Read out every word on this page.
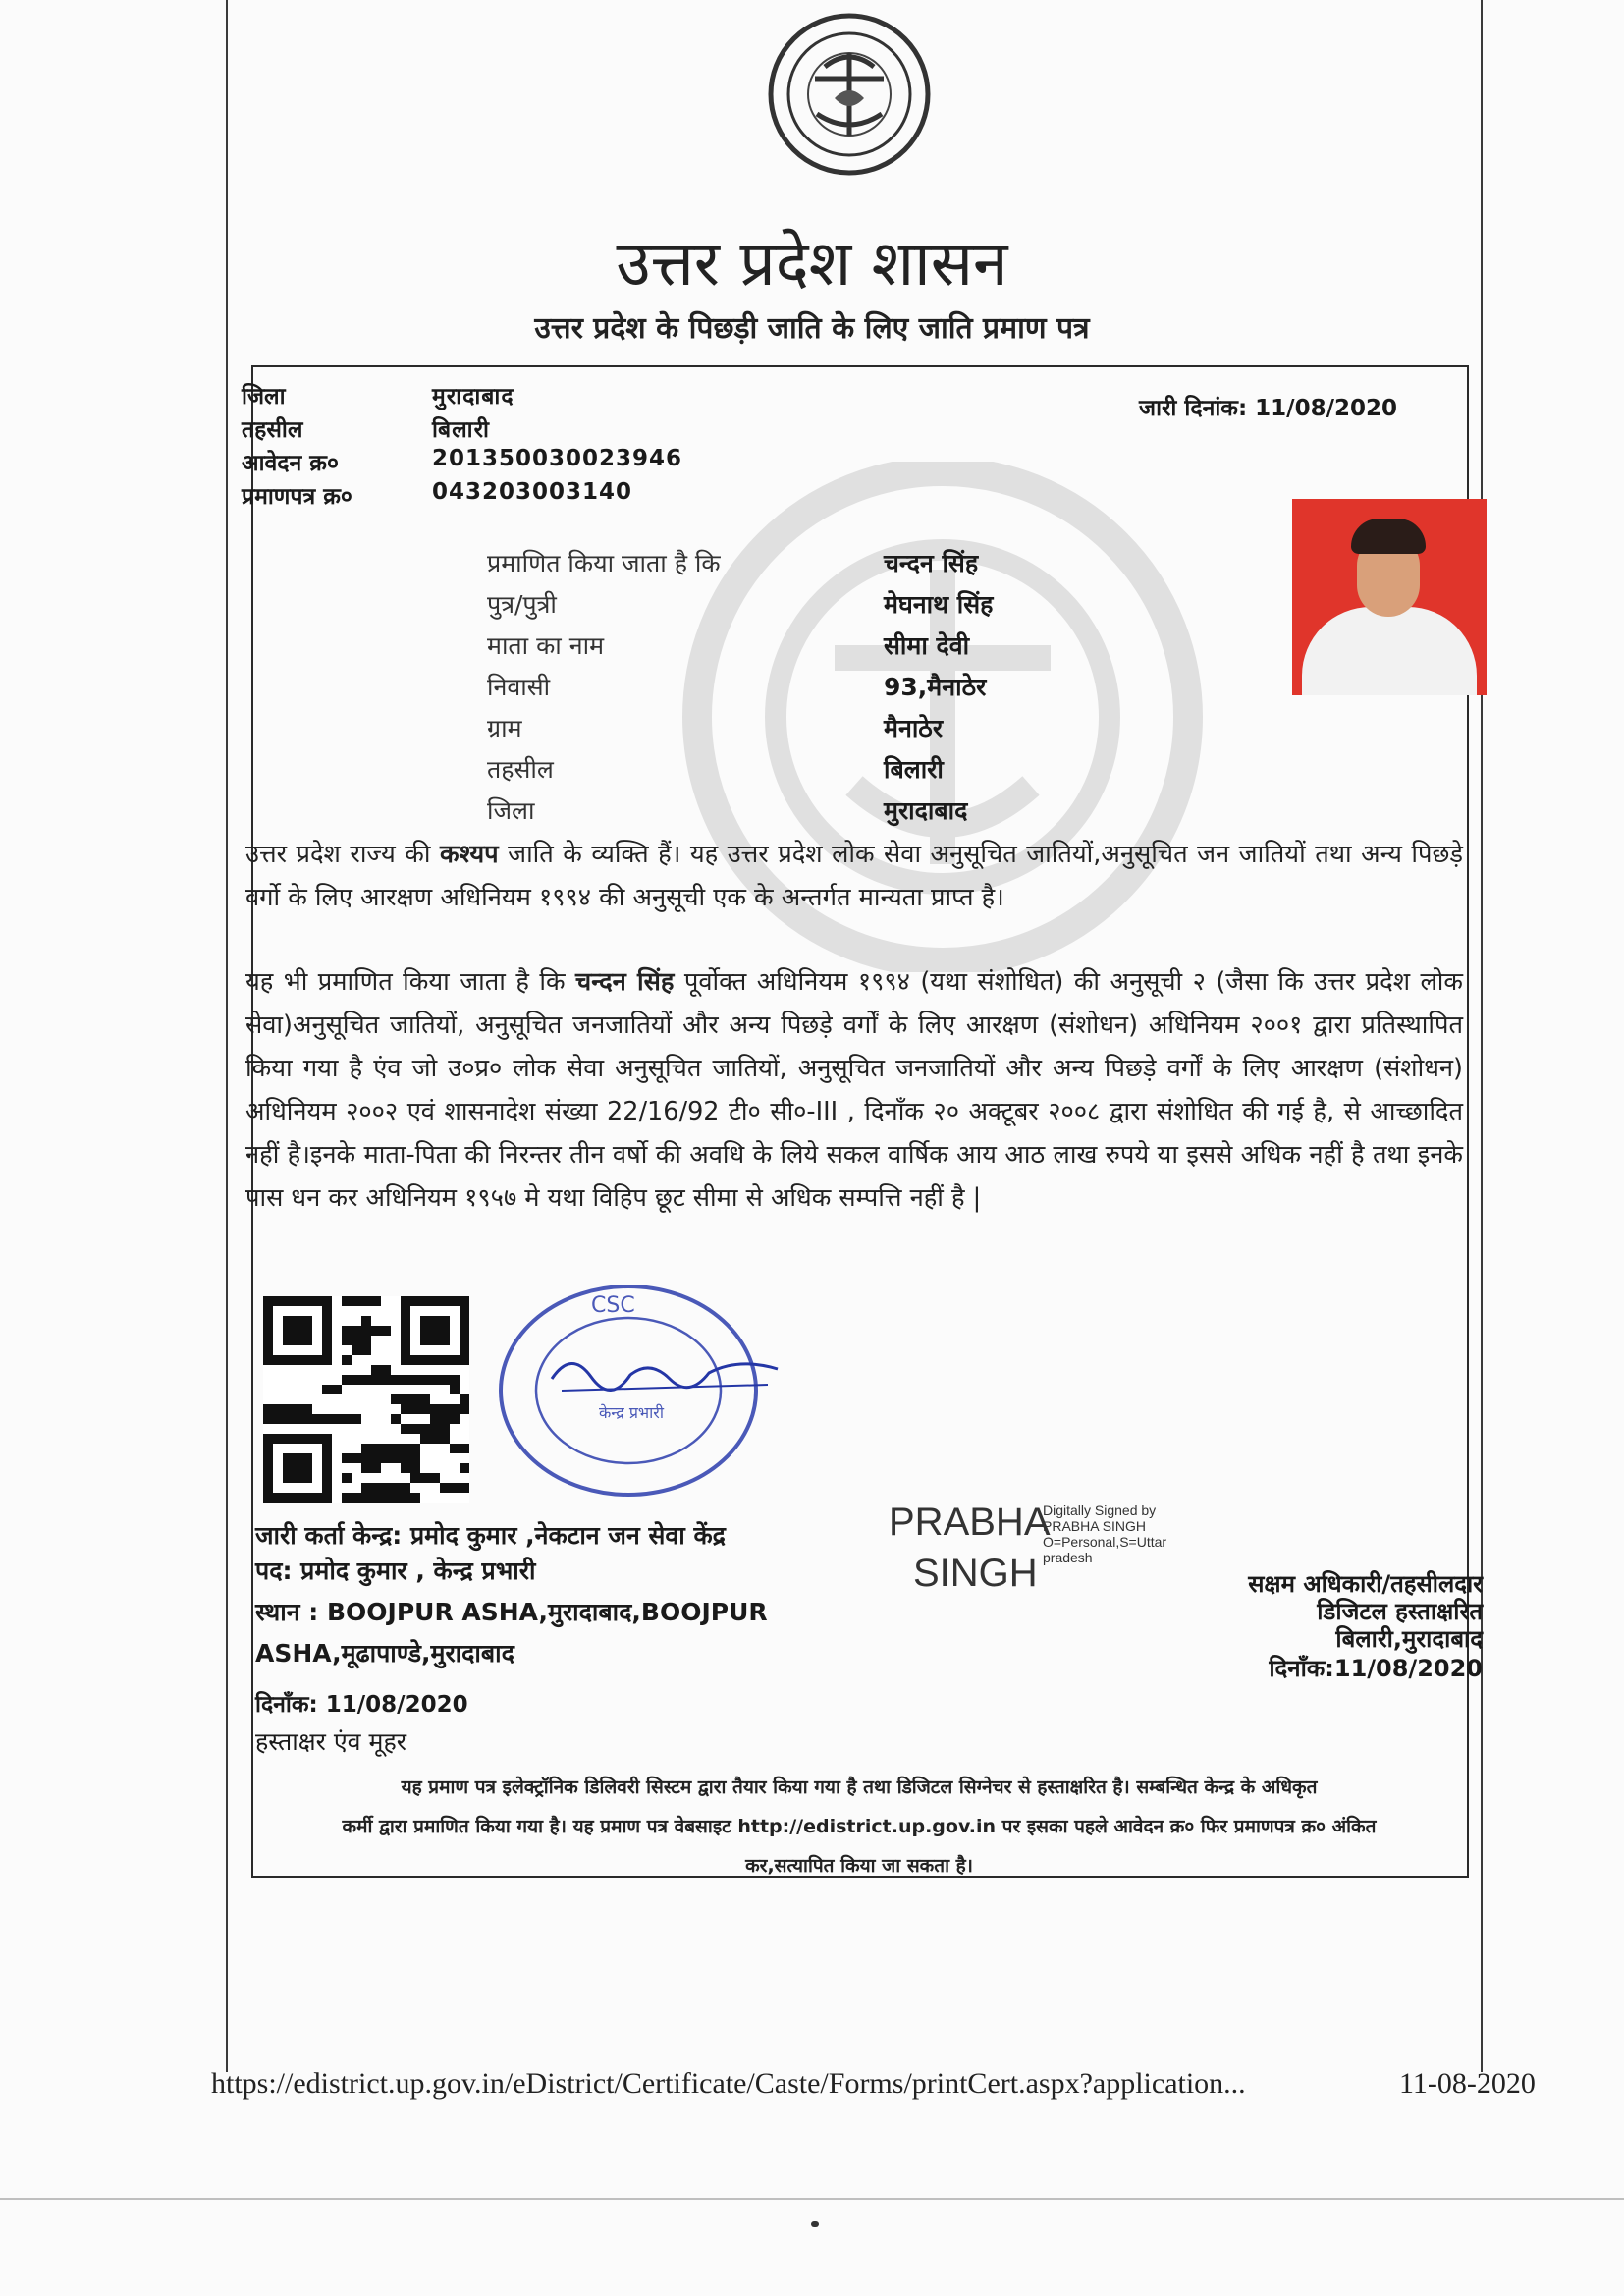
उत्तर प्रदेश शासन
उत्तर प्रदेश के पिछड़ी जाति के लिए जाति प्रमाण पत्र
जिला	मुरादाबाद
तहसील	बिलारी
आवेदन क्र०	201350030023946
प्रमाणपत्र क्र०	043203003140
जारी दिनांक: 11/08/2020
प्रमाणित किया जाता है कि	चन्दन सिंह
पुत्र/पुत्री	मेघनाथ सिंह
माता का नाम	सीमा देवी
निवासी	93,मैनाठेर
ग्राम	मैनाठेर
तहसील	बिलारी
जिला	मुरादाबाद

उत्तर प्रदेश राज्य की कश्यप जाति के व्यक्ति हैं। यह उत्तर प्रदेश लोक सेवा अनुसूचित जातियों,अनुसूचित जन जातियों तथा अन्य पिछड़े वर्गो के लिए आरक्षण अधिनियम १९९४ की अनुसूची एक के अन्तर्गत मान्यता प्राप्त है।

यह भी प्रमाणित किया जाता है कि चन्दन सिंह पूर्वोक्त अधिनियम १९९४ (यथा संशोधित) की अनुसूची २ (जैसा कि उत्तर प्रदेश लोक सेवा)अनुसूचित जातियों, अनुसूचित जनजातियों और अन्य पिछड़े वर्गों के लिए आरक्षण (संशोधन) अधिनियम २००१ द्वारा प्रतिस्थापित किया गया है एंव जो उ०प्र० लोक सेवा अनुसूचित जातियों, अनुसूचित जनजातियों और अन्य पिछड़े वर्गों के लिए आरक्षण (संशोधन) अधिनियम २००२ एवं शासनादेश संख्या 22/16/92 टी० सी०-III , दिनाँक २० अक्टूबर २००८ द्वारा संशोधित की गई है, से आच्छादित नहीं है।इनके माता-पिता की निरन्तर तीन वर्षो की अवधि के लिये सकल वार्षिक आय आठ लाख रुपये या इससे अधिक नहीं है तथा इनके पास धन कर अधिनियम १९५७ मे यथा विहिप छूट सीमा से अधिक सम्पत्ति नहीं है |

CSC
केन्द्र प्रभारी
जारी कर्ता केन्द्र: प्रमोद कुमार ,नेकटान जन सेवा केंद्र
पद: प्रमोद कुमार , केन्द्र प्रभारी
स्थान : BOOJPUR ASHA,मुरादाबाद,BOOJPUR
ASHA,मूढापाण्डे,मुरादाबाद
दिनाँक: 11/08/2020
हस्ताक्षर एंव मूहर
PRABHA
SINGH
Digitally Signed by
PRABHA SINGH
O=Personal,S=Uttar
pradesh
सक्षम अधिकारी/तहसीलदार
डिजिटल हस्ताक्षरित
बिलारी,मुरादाबाद
दिनाँक:11/08/2020
यह प्रमाण पत्र इलेक्ट्रॉनिक डिलिवरी सिस्टम द्वारा तैयार किया गया है तथा डिजिटल सिग्नेचर से हस्ताक्षरित है। सम्बन्धित केन्द्र के अधिकृत
कर्मी द्वारा प्रमाणित किया गया है। यह प्रमाण पत्र वेबसाइट http://edistrict.up.gov.in पर इसका पहले आवेदन क्र० फिर प्रमाणपत्र क्र० अंकित
कर,सत्यापित किया जा सकता है।
https://edistrict.up.gov.in/eDistrict/Certificate/Caste/Forms/printCert.aspx?application...	11-08-2020
